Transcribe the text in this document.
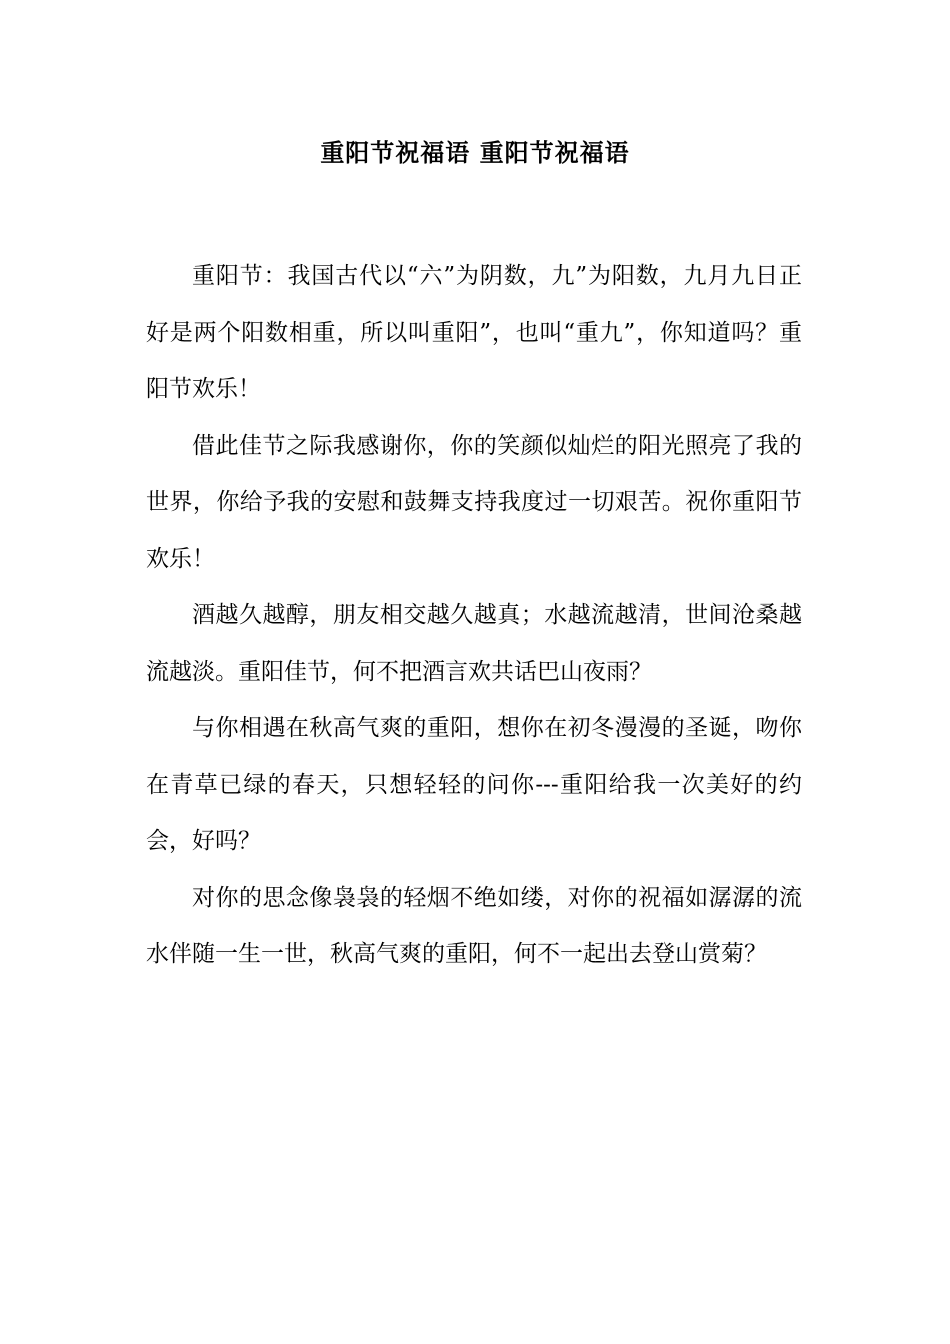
重阳节祝福语 重阳节祝福语

重阳节：我国古代以“六”为阴数，九”为阳数，九月九日正好是两个阳数相重，所以叫重阳”，也叫“重九”，你知道吗？重阳节欢乐！

借此佳节之际我感谢你，你的笑颜似灿烂的阳光照亮了我的世界，你给予我的安慰和鼓舞支持我度过一切艰苦。祝你重阳节欢乐！

酒越久越醇，朋友相交越久越真；水越流越清，世间沧桑越流越淡。重阳佳节，何不把酒言欢共话巴山夜雨？

与你相遇在秋高气爽的重阳，想你在初冬漫漫的圣诞，吻你在青草已绿的春天，只想轻轻的问你---重阳给我一次美好的约会，好吗？

对你的思念像袅袅的轻烟不绝如缕，对你的祝福如潺潺的流水伴随一生一世，秋高气爽的重阳，何不一起出去登山赏菊？
